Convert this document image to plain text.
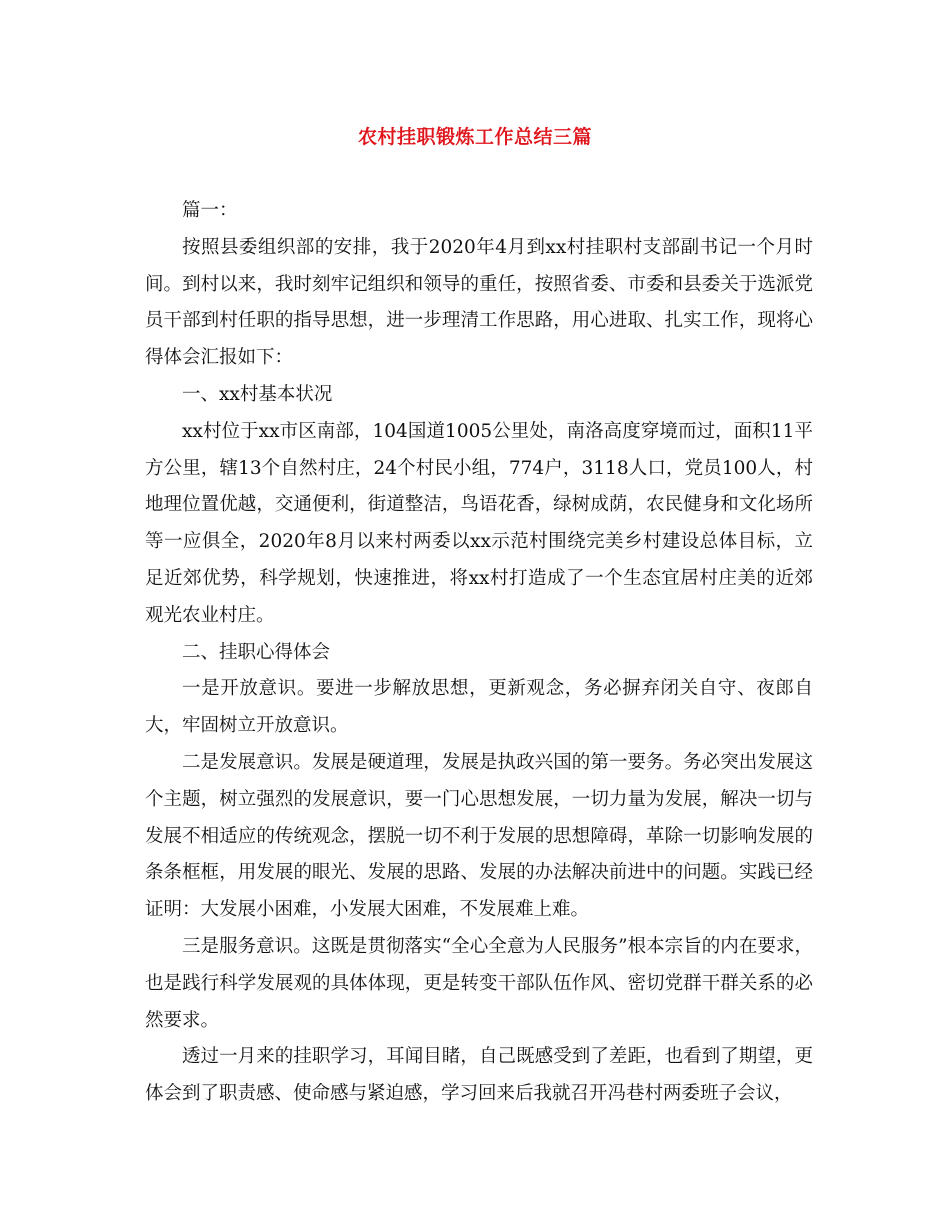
农村挂职锻炼工作总结三篇

篇一：

按照县委组织部的安排，我于2020年4月到xx村挂职村支部副书记一个月时间。到村以来，我时刻牢记组织和领导的重任，按照省委、市委和县委关于选派党员干部到村任职的指导思想，进一步理清工作思路，用心进取、扎实工作，现将心得体会汇报如下：

一、xx村基本状况

xx村位于xx市区南部，104国道1005公里处，南洛高度穿境而过，面积11平方公里，辖13个自然村庄，24个村民小组，774户，3118人口，党员100人，村地理位置优越，交通便利，街道整洁，鸟语花香，绿树成荫，农民健身和文化场所等一应俱全，2020年8月以来村两委以xx示范村围绕完美乡村建设总体目标，立足近郊优势，科学规划，快速推进，将xx村打造成了一个生态宜居村庄美的近郊观光农业村庄。

二、挂职心得体会

一是开放意识。要进一步解放思想，更新观念，务必摒弃闭关自守、夜郎自大，牢固树立开放意识。

二是发展意识。发展是硬道理，发展是执政兴国的第一要务。务必突出发展这个主题，树立强烈的发展意识，要一门心思想发展，一切力量为发展，解决一切与发展不相适应的传统观念，摆脱一切不利于发展的思想障碍，革除一切影响发展的条条框框，用发展的眼光、发展的思路、发展的办法解决前进中的问题。实践已经证明：大发展小困难，小发展大困难，不发展难上难。

三是服务意识。这既是贯彻落实“全心全意为人民服务”根本宗旨的内在要求，也是践行科学发展观的具体体现，更是转变干部队伍作风、密切党群干群关系的必然要求。

透过一月来的挂职学习，耳闻目睹，自己既感受到了差距，也看到了期望，更体会到了职责感、使命感与紧迫感，学习回来后我就召开冯巷村两委班子会议，
